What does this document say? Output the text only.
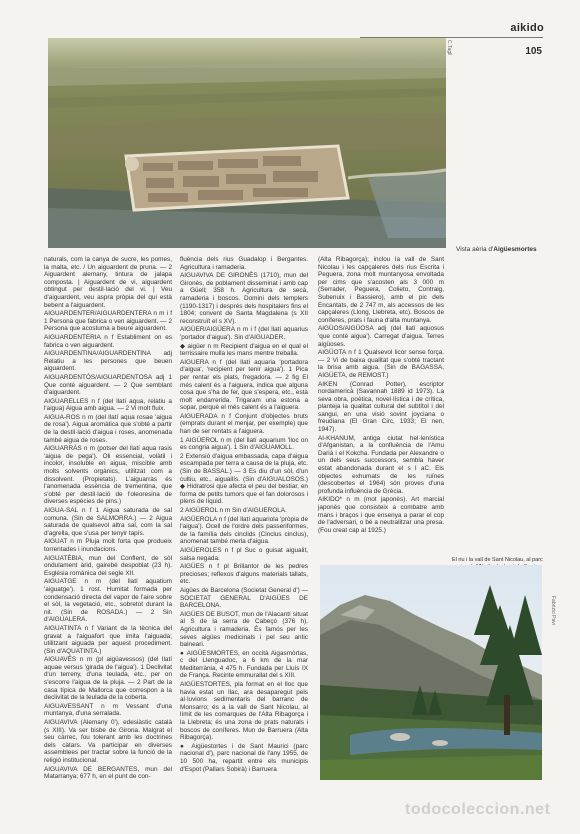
aikido
105
C.Taglì
Vista aèria d'Aigüesmortes

naturals, com la canya de sucre, les pomes, la malta, etc. / Un aiguardent de pruna. — 2 Aiguardent alemany, tintura de jalapa composta. | Aiguardent de vi, aiguardent obtingut per destil·lació del vi. | Veu d'aiguardent, veu aspra pròpia del qui està bebent a l'aiguardent.

AIGUARDENTER/AIGUARDENTERA n m i f 1 Persona que fabrica o ven aiguardent. — 2 Persona que acostuma a beure aiguardent.

AIGUARDENTERIA n f Establiment on es fabrica o ven aiguardent.

AIGUARDENTINA/AIGUARDENTINA adj Relatiu a les persones que beuen aiguardent.

AIGUARDENTÓS/AIGUARDENTOSA adj 1 Que conté aiguardent. — 2 Que semblant d'aiguardent.

AIGUARELLES n f (del llatí aqua, relatiu a l'aigua) Aigua amb aigua. — 2 Vi molt fluix.

AIGUA-ROS n m (del llatí aqua rosae 'aigua de rosa'). Aigua aromàtica que s'obté a partir de la destil·lació d'aigua i roses, anomenada també aigua de roses.

AIGUARRÀS n m (potser del llatí aqua rasis 'aigua de pega'). Oli essencial, volàtil i incolor, insoluble en aigua, miscible amb molts solvents orgànics, utilitzat com a dissolvent. (Propietats). L'aiguarràs és l'anomenada essència de trementina, que s'obté per destil·lació de l'oleoresina de diverses espècies de pins.)

AIGUA-SAL n f 1 Aigua saturada de sal comuna. (Sin de SALMORRA.) — 2 Aigua saturada de qualsevol altra sal, com la sal d'agrella, que s'usa per tenyir tapís.

AIGUAT n m Pluja molt forta que produeix torrentades i inundacions.

AIGUATÈBIA, mun del Conflent, de sòl ondulament àrid, gairebé despoblat (23 h). Església romànica del segle XII.

AIGUATGE n m (del llatí aquatium 'aiguatge'). 1 rost. Humitat formada per condensació directa del vapor de l'aire sobre el sòl, la vegetació, etc., sobretot durant la nit. (Sin de ROSADA.) — 2 Sin d'AIGUALERA.

AIGUATINTA n f Variant de la tècnica del gravat a l'aiguafort que imita l'aiguada; utilitzant aiguada per aquest procediment. (Sin d'AQUATINTA.)

AIGUAVÉS n m (pl aigüavessos) (del llatí aquae versus 'girada de l'aigua'). 1 Declivitat d'un terreny, d'una teulada, etc., per on s'escorre l'aigua de la pluja. — 2 Part de la casa típica de Mallorca que correspon a la declivitat de la teulada de la coberta.

AIGUAVESSANT n m Vessant d'una muntanya, d'una serralada.

AIGUAVIVA (Alemany 0'), edesiàstic català (s XIII). Va ser bisbe de Girona. Malgrat el seu càrrec, fou tolerant amb les doctrines dels càtars. Va participar en diverses assemblees per tractar sobre la funció de la religió institucional.

AIGUAVIVA DE BERGANTES, mun del Matarranya; 677 h, en el punt de con-

fluència dels rius Guadalop i Bergantes. Agricultura i ramaderia.

AIGUAVIVA DE GIRONÈS (1710), mun del Gironès, de poblament disseminat i amb cap a Güell; 358 h. Agricultura de secà, ramaderia i boscos. Domini dels templers (1190-1317) i després dels hospitalers fins el 1804; convent de Santa Magdalena (s XII reconstruït el s XV).

AIGÜER/AIGÜERA n m i f (del llatí aquarius 'portador d'aigua'). Sin d'AIGUADER.

◆ aigüer n m Recipient d'aigua en el qual el terrissaire mulla les mans mentre treballa.

AIGUERA n f (del llatí aquaria 'portadora d'aigua', 'recipient per tenir aigua'). 1 Pica per rentar els plats, fregadora. — 2 fig El més calent és a l'aiguera, indica que alguna cosa que s'ha de fer, que s'espera, etc., està molt endarrerida. Trigaram una estona a sopar, perquè el més calent és a l'aiguera.

AIGUERADA n f Conjunt d'objectes bruts (emprats durant el menjar, per exemple) que han de ser rentats a l'aiguera.

1 AIGÜEROL n m (del llatí aquarium 'lloc on es congria aigua'). 1 Sin d'AIGUAMOLL.

2 Extensió d'aigua embassada, capa d'aigua escampada per terra a causa de la pluja, etc. (Sin de BASSAL.) — 3 Es diu d'un sòl, d'un cultiu, etc., aiguallís. (Sin d'AIGUALOSOS.) ◆ Hidratrosi que afecta el peu del bestiar, en forma de petits tumors que el fan dolorosos i plens de líquid.

2 AIGÜEROL n m Sin d'AIGUEROLA.

AIGÜEROLA n f (del llatí aquariola 'pròpia de l'aigua'). Ocell de l'ordre dels passeriformes, de la família dels cinclids (Cinclus cinclus), anomenat també merla d'aigua.

AIGÜEROLES n f pl Suc o guisat aigualit, salsa negada.

AIGÜES n f pl Brillantor de les pedres precioses; reflexos d'alguns materials tallats, etc.

Aigües de Barcelona (Societat General d') — SOCIETAT GENERAL D'AIGÜES DE BARCELONA.

AIGÜES DE BUSOT, mun de l'Alacantí situat al S de la serra de Cabeçó (376 h). Agricultura i ramaderia. És famós per les seves aigües medicinals i pel seu antic balneari.

● AIGÜESMORTES, en occità Aigasmòrtas, c del Llenguadoc, a 6 km de la mar Mediterrània, 4 475 h. Fundada per Lluís IX de França. Recinte emmurallat del s XIII.

AIGÜESTORTES, pla format en el lloc que havia estat un llac, ara desaparegut pels al·luvions sedimentaris del barranc de Monsarro; és a la vall de Sant Nicolau, al límit de les comarques de l'Alta Ribagorça i la Llebreta; és una zona de prats naturals i boscos de coníferes. Mun de Barruera (Alta Ribagorça).

● Aigüestortes i de Sant Maurici (parc nacional d'), parc nacional de l'any 1955, de 10 500 ha, repartit entre els municipis d'Espot (Pallars Sobirà) i Barruera

(Alta Ribagorça); inclou la vall de Sant Nicolau i les capçaleres dels rius Escrita i Peguera, zona molt muntanyosa envoltada per cims que s'acosten als 3 000 m (Serrader, Peguera, Colieto, Contraig, Subenuix i Bassiero), amb el pic dels Encantats, de 2 747 m, als accessos de les capçaleres (Llong, Llebreta, etc). Boscos de coníferes, prats i fauna d'alta muntanya.

AIGÜOS/AIGÜOSA adj (del llatí aquosus 'que conté aigua'). Carregat d'aigua. Terres aigüoses.

AIGÜOTA n f 1 Qualsevol licor sense força. — 2 Vi de baixa qualitat que s'obté tractant la brisa amb aigua. (Sin de BAGASSA, AIGÜETA, de REMOST.)

AIKEN (Conrad Potter), escriptor nordamericà (Savannah 1889 id 1973). La seva obra, poètica, novel·lística i de crítica, planteja la qualitat cultural del subtítol i del sangui, en una visió sovint joyciana o freudiana (El Gran Circ, 1933; El nen, 1947).

AI-KHANUM, antiga ciutat hel·lenística d'Afganistan, a la confluència de l'Amu Darià i el Kokcha. Fundada per Alexandre o un dels seus successors, sembla haver estat abandonada durant el s I aC. Els objectes exhumats de les ruïnes (descobertes el 1964) són proves d'una profunda influència de Grècia.

AIKIDO* n m (mot japonès). Art marcial japonès que consisteix a combatre amb mans i braços i que ensenya a parar el cop de l'adversari, o bé a neutralitzar una presa. (Fou creat cap al 1925.)

El riu i la vall de Sant Nicolau, al parc
Fabrizio Pavi
todocoleccion.net
